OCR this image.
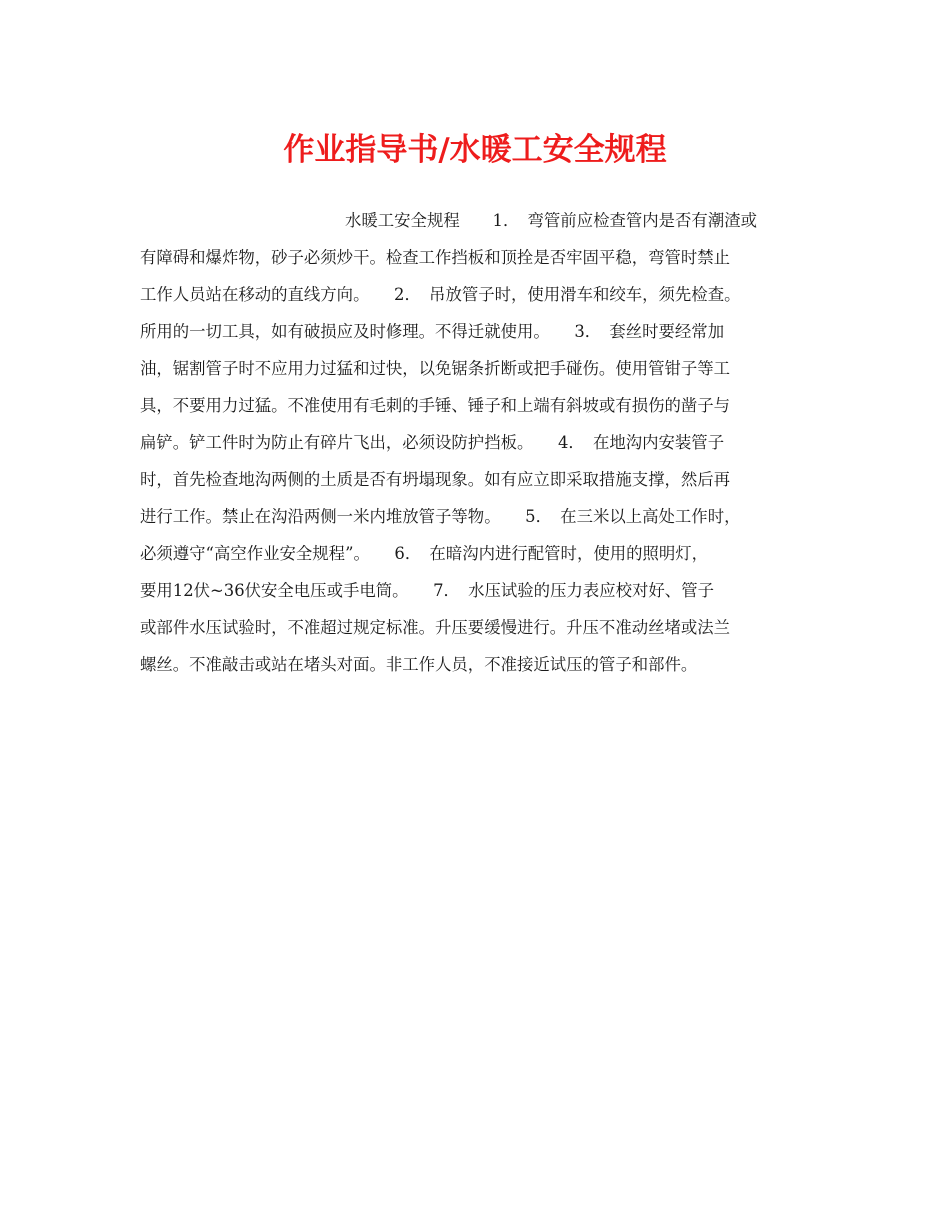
作业指导书/水暖工安全规程
水暖工安全规程　　1．　弯管前应检查管内是否有潮渣或
有障碍和爆炸物，砂子必须炒干。检查工作挡板和顶拴是否牢固平稳，弯管时禁止
工作人员站在移动的直线方向。　　2．　吊放管子时，使用滑车和绞车，须先检查。
所用的一切工具，如有破损应及时修理。不得迁就使用。　　3．　套丝时要经常加
油，锯割管子时不应用力过猛和过快，以免锯条折断或把手碰伤。使用管钳子等工
具，不要用力过猛。不准使用有毛刺的手锤、锤子和上端有斜坡或有损伤的凿子与
扁铲。铲工件时为防止有碎片飞出，必须设防护挡板。　　4．　在地沟内安装管子
时，首先检查地沟两侧的土质是否有坍塌现象。如有应立即采取措施支撑，然后再
进行工作。禁止在沟沿两侧一米内堆放管子等物。　　5．　在三米以上高处工作时，
必须遵守“高空作业安全规程”。　　6．　在暗沟内进行配管时，使用的照明灯，
要用12伏~36伏安全电压或手电筒。　　7．　水压试验的压力表应校对好、管子
或部件水压试验时，不准超过规定标准。升压要缓慢进行。升压不准动丝堵或法兰
螺丝。不准敲击或站在堵头对面。非工作人员，不准接近试压的管子和部件。
